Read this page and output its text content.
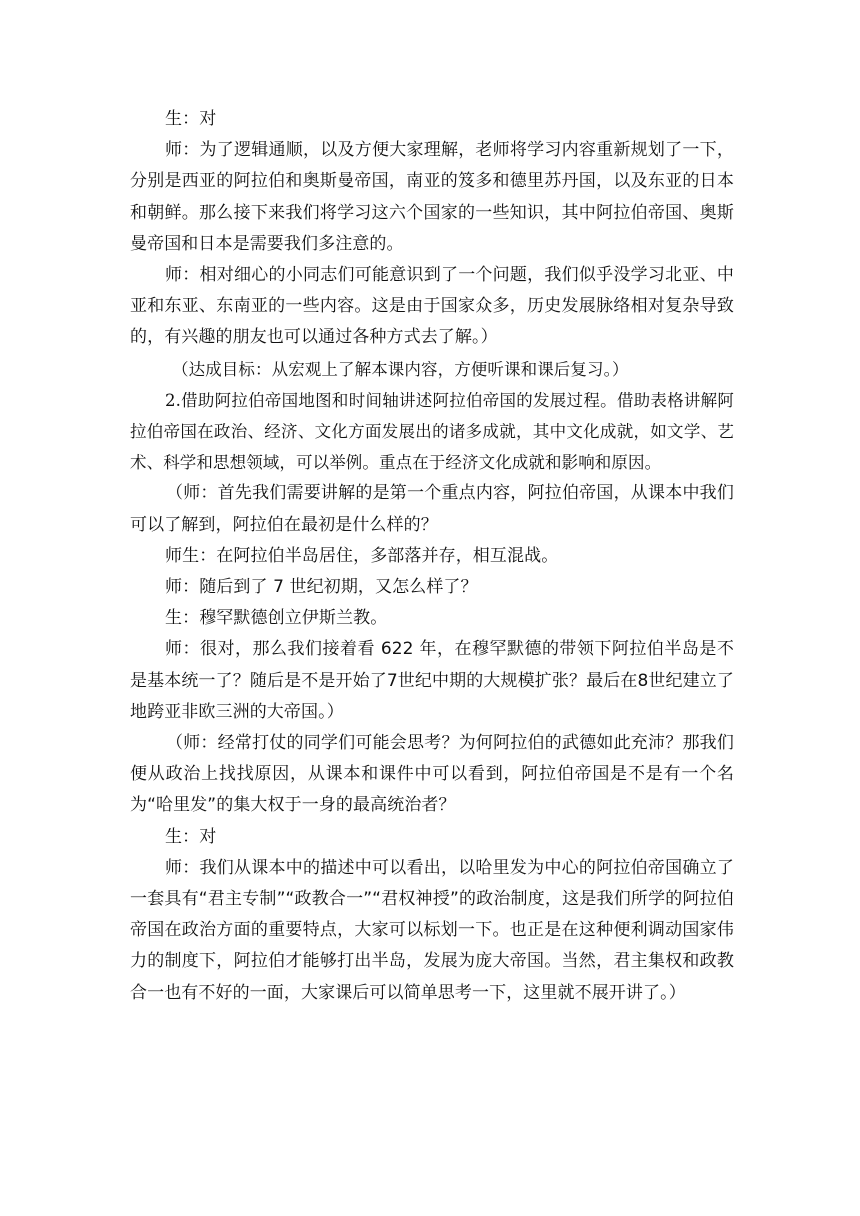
生：对

师：为了逻辑通顺，以及方便大家理解，老师将学习内容重新规划了一下，分别是西亚的阿拉伯和奥斯曼帝国，南亚的笈多和德里苏丹国，以及东亚的日本和朝鲜。那么接下来我们将学习这六个国家的一些知识，其中阿拉伯帝国、奥斯曼帝国和日本是需要我们多注意的。

师：相对细心的小同志们可能意识到了一个问题，我们似乎没学习北亚、中亚和东亚、东南亚的一些内容。这是由于国家众多，历史发展脉络相对复杂导致的，有兴趣的朋友也可以通过各种方式去了解。）

（达成目标：从宏观上了解本课内容，方便听课和课后复习。）

2.借助阿拉伯帝国地图和时间轴讲述阿拉伯帝国的发展过程。借助表格讲解阿拉伯帝国在政治、经济、文化方面发展出的诸多成就，其中文化成就，如文学、艺术、科学和思想领域，可以举例。重点在于经济文化成就和影响和原因。

（师：首先我们需要讲解的是第一个重点内容，阿拉伯帝国，从课本中我们可以了解到，阿拉伯在最初是什么样的？

师生：在阿拉伯半岛居住，多部落并存，相互混战。

师：随后到了 7 世纪初期，又怎么样了？

生：穆罕默德创立伊斯兰教。

师：很对，那么我们接着看 622 年，在穆罕默德的带领下阿拉伯半岛是不是基本统一了？随后是不是开始了7世纪中期的大规模扩张？最后在8世纪建立了地跨亚非欧三洲的大帝国。）

（师：经常打仗的同学们可能会思考？为何阿拉伯的武德如此充沛？那我们便从政治上找找原因，从课本和课件中可以看到，阿拉伯帝国是不是有一个名为“哈里发”的集大权于一身的最高统治者？

生：对

师：我们从课本中的描述中可以看出，以哈里发为中心的阿拉伯帝国确立了一套具有“君主专制”“政教合一”“君权神授”的政治制度，这是我们所学的阿拉伯帝国在政治方面的重要特点，大家可以标划一下。也正是在这种便利调动国家伟力的制度下，阿拉伯才能够打出半岛，发展为庞大帝国。当然，君主集权和政教合一也有不好的一面，大家课后可以简单思考一下，这里就不展开讲了。）
